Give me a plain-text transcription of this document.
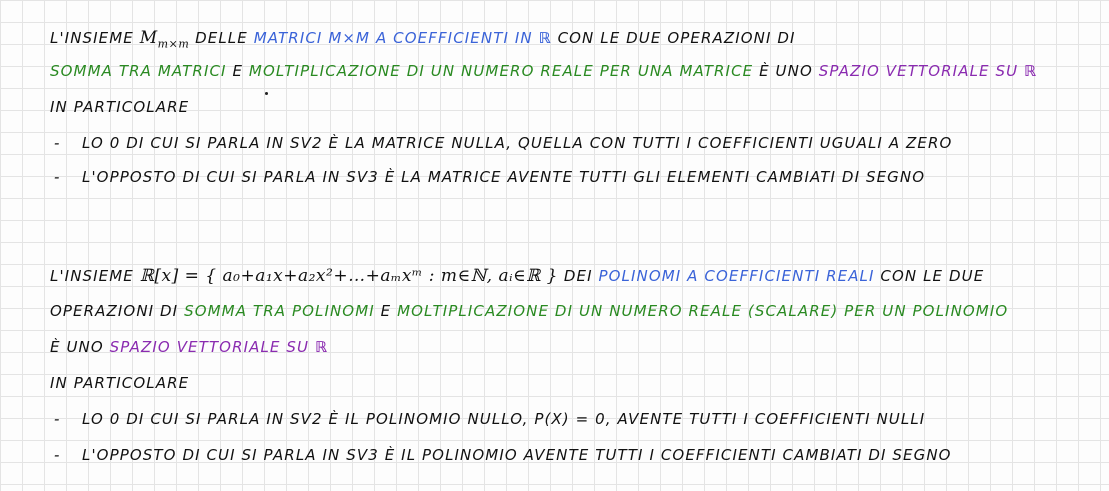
L'INSIEME $M_{m\times m}$ DELLE MATRICI M×M A COEFFICIENTI IN ℝ CON LE DUE OPERAZIONI DI
SOMMA TRA MATRICI E MOLTIPLICAZIONE DI UN NUMERO REALE PER UNA MATRICE È UNO SPAZIO VETTORIALE SU ℝ
IN PARTICOLARE
- LO 0 DI CUI SI PARLA IN SV2 È LA MATRICE NULLA, QUELLA CON TUTTI I COEFFICIENTI UGUALI A ZERO
- L'OPPOSTO DI CUI SI PARLA IN SV3 È LA MATRICE AVENTE TUTTI GLI ELEMENTI CAMBIATI DI SEGNO
L'INSIEME ℝ[x] = { a₀+a₁x+a₂x²+…+aₘxᵐ : m∈ℕ, aᵢ∈ℝ } DEI POLINOMI A COEFFICIENTI REALI CON LE DUE
OPERAZIONI DI SOMMA TRA POLINOMI E MOLTIPLICAZIONE DI UN NUMERO REALE (SCALARE) PER UN POLINOMIO
È UNO SPAZIO VETTORIALE SU ℝ
IN PARTICOLARE
- LO 0 DI CUI SI PARLA IN SV2 È IL POLINOMIO NULLO, P(X) = 0, AVENTE TUTTI I COEFFICIENTI NULLI
- L'OPPOSTO DI CUI SI PARLA IN SV3 È IL POLINOMIO AVENTE TUTTI I COEFFICIENTI CAMBIATI DI SEGNO
